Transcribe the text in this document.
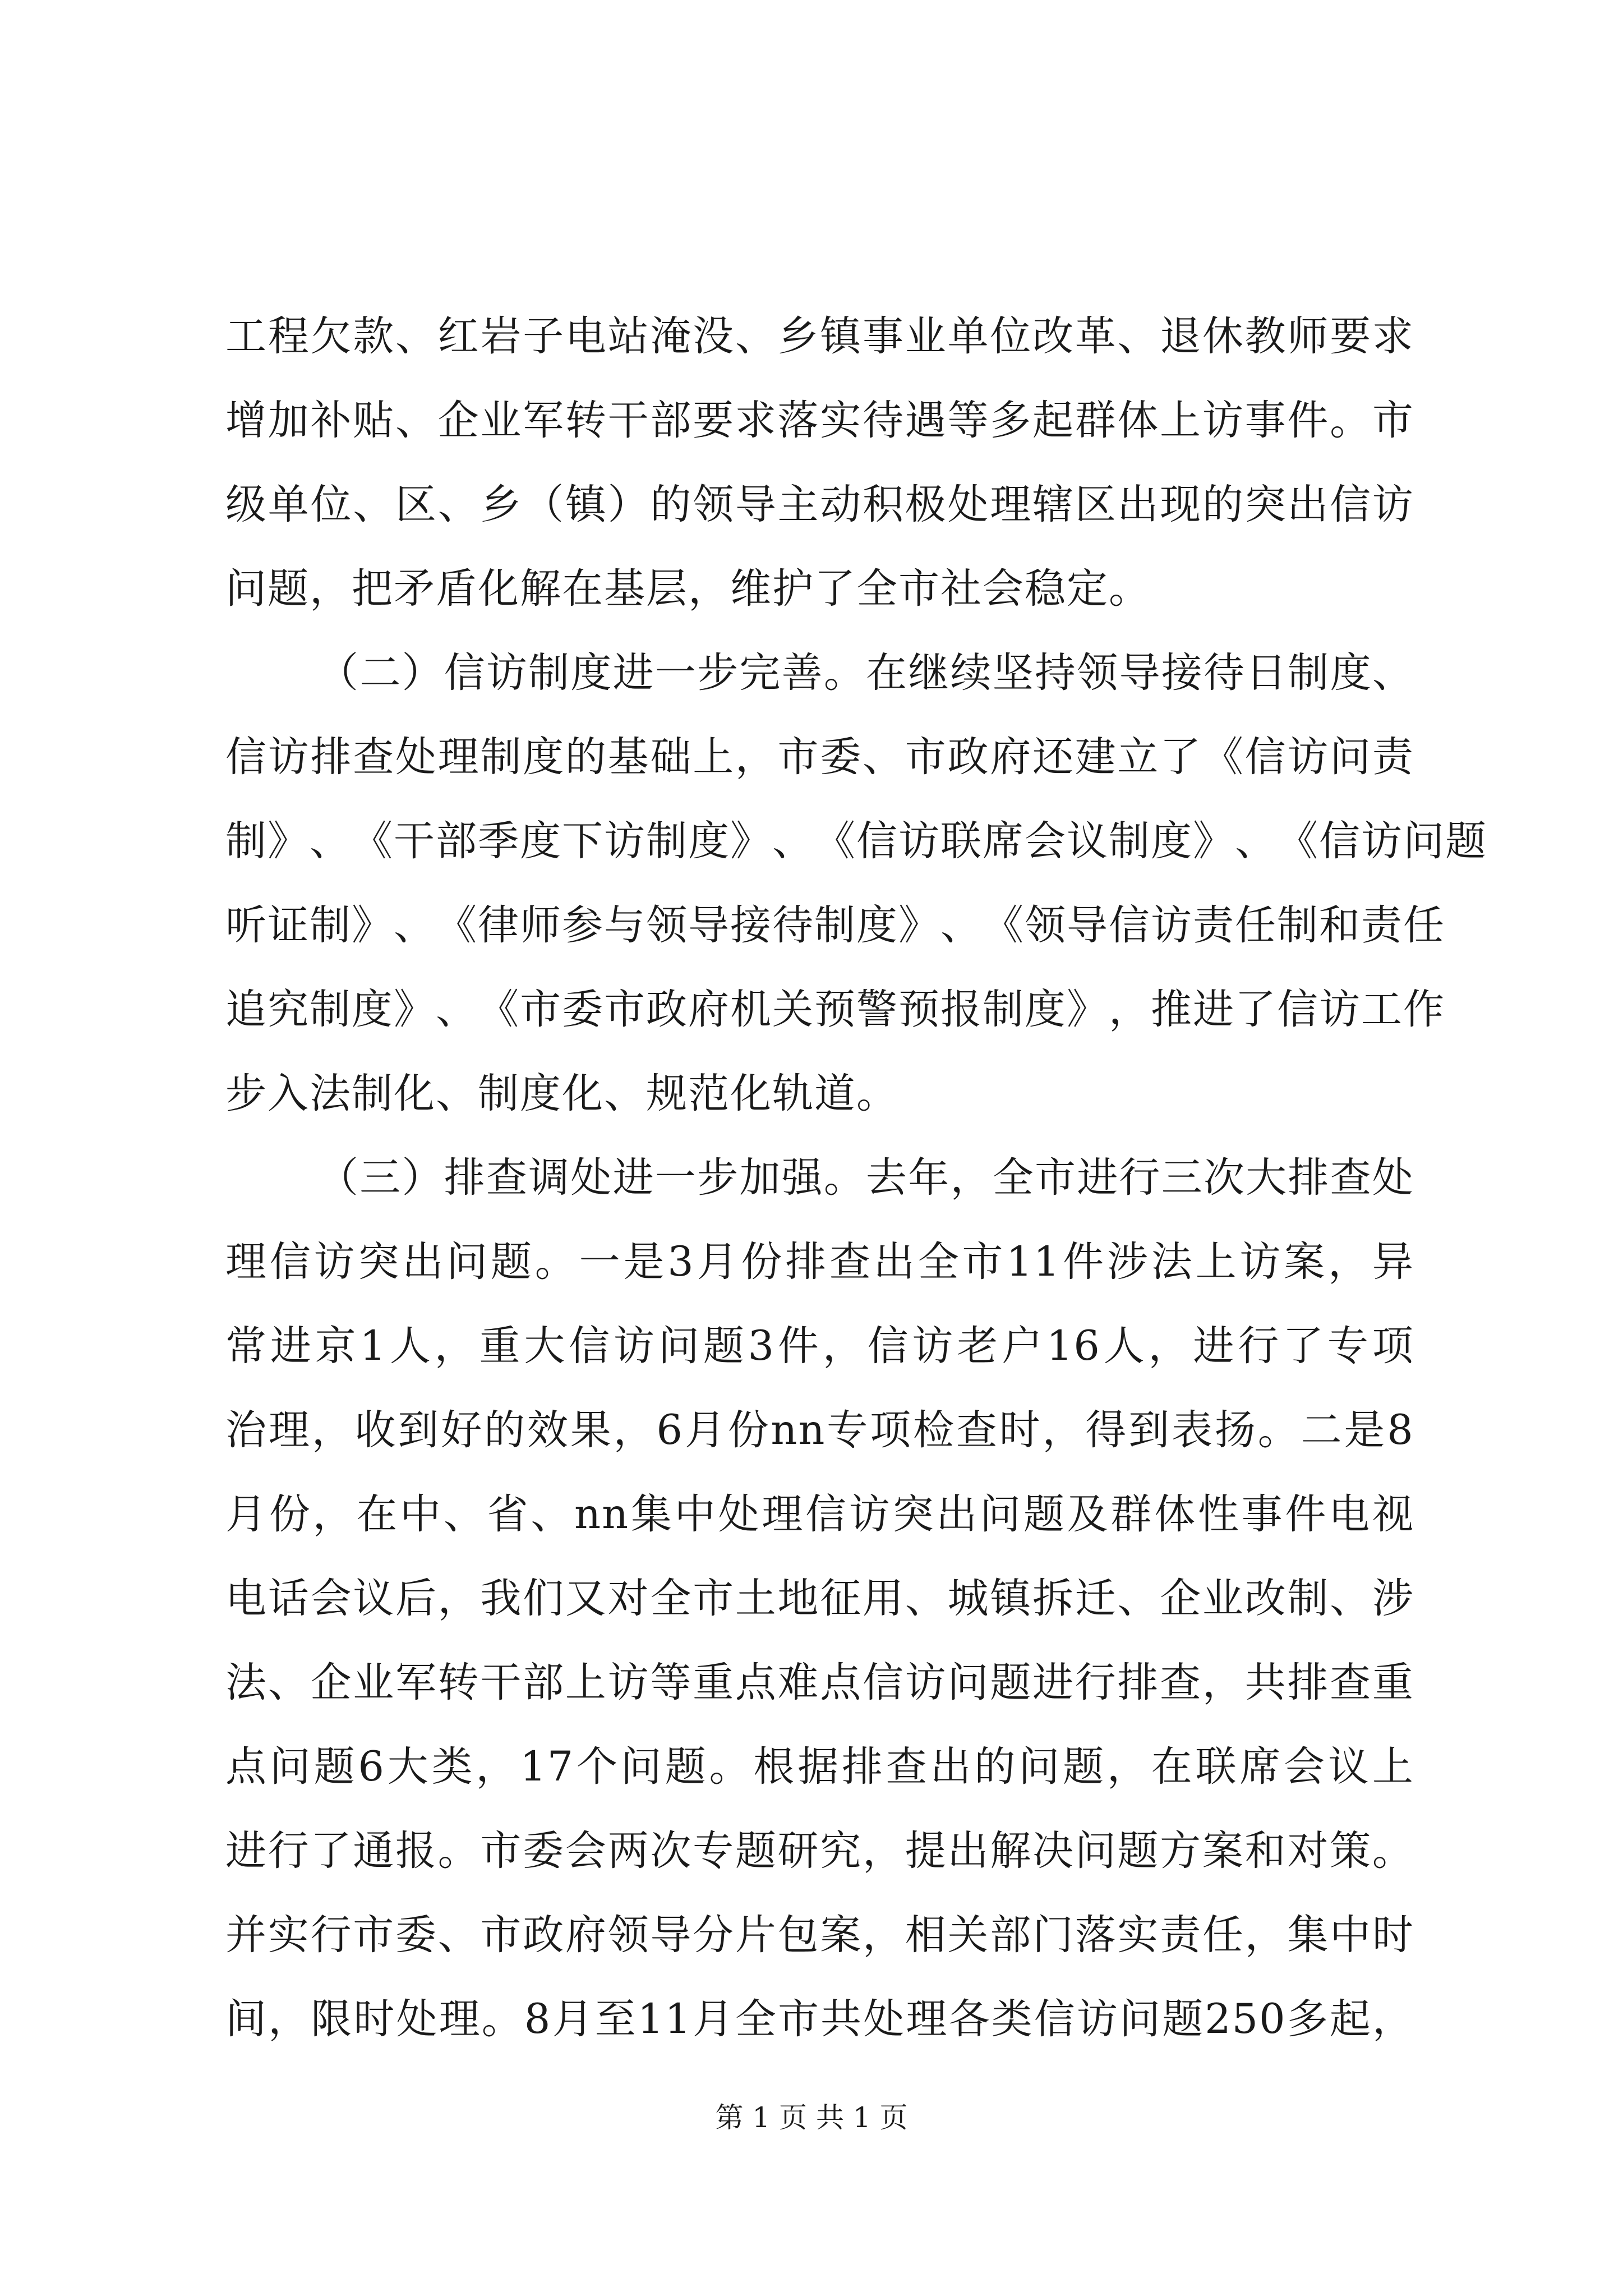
工 程 欠 款 、 红 岩 子 电 站 淹 没 、 乡 镇 事 业 单 位 改 革 、 退 休 教 师 要 求
增 加 补 贴 、 企 业 军 转 干 部 要 求 落 实 待 遇 等 多 起 群 体 上 访 事 件 。 市
级 单 位 、 区 、 乡 （ 镇 ） 的 领 导 主 动 积 极 处 理 辖 区 出 现 的 突 出 信 访
问题，把矛盾化解在基层，维护了全市社会稳定。
（ 二 ） 信 访 制 度 进 一 步 完 善 。 在 继 续 坚 持 领 导 接 待 日 制 度 、
信 访 排 查 处 理 制 度 的 基 础 上 ， 市 委 、 市 政 府 还 建 立 了 《 信 访 问 责
制 》 、 《 干 部 季 度 下 访 制 度 》 、 《 信 访 联 席 会 议 制 度 》 、 《 信 访 问 题
听 证 制 》 、 《 律 师 参 与 领 导 接 待 制 度 》 、 《 领 导 信 访 责 任 制 和 责 任
追 究 制 度 》 、 《 市 委 市 政 府 机 关 预 警 预 报 制 度 》 ， 推 进 了 信 访 工 作
步入法制化、制度化、规范化轨道。
（ 三 ） 排 查 调 处 进 一 步 加 强 。 去 年 ， 全 市 进 行 三 次 大 排 查 处
理 信 访 突 出 问 题 。 一 是 3 月 份 排 查 出 全 市 11 件 涉 法 上 访 案 ， 异
常 进 京 1 人 ， 重 大 信 访 问 题 3 件 ， 信 访 老 户 16 人 ， 进 行 了 专 项
治 理 ， 收 到 好 的 效 果 ， 6 月 份 nn 专 项 检 查 时 ， 得 到 表 扬 。 二 是 8
月 份 ， 在 中 、 省 、 nn 集 中 处 理 信 访 突 出 问 题 及 群 体 性 事 件 电 视
电 话 会 议 后 ， 我 们 又 对 全 市 土 地 征 用 、 城 镇 拆 迁 、 企 业 改 制 、 涉
法 、 企 业 军 转 干 部 上 访 等 重 点 难 点 信 访 问 题 进 行 排 查 ， 共 排 查 重
点 问 题 6 大 类 ， 17 个 问 题 。 根 据 排 查 出 的 问 题 ， 在 联 席 会 议 上
进 行 了 通 报 。 市 委 会 两 次 专 题 研 究 ， 提 出 解 决 问 题 方 案 和 对 策 。
并 实 行 市 委 、 市 政 府 领 导 分 片 包 案 ， 相 关 部 门 落 实 责 任 ， 集 中 时
间 ， 限 时 处 理 。 8 月 至 11 月 全 市 共 处 理 各 类 信 访 问 题 250 多 起 ，
第 1 页 共 1 页
